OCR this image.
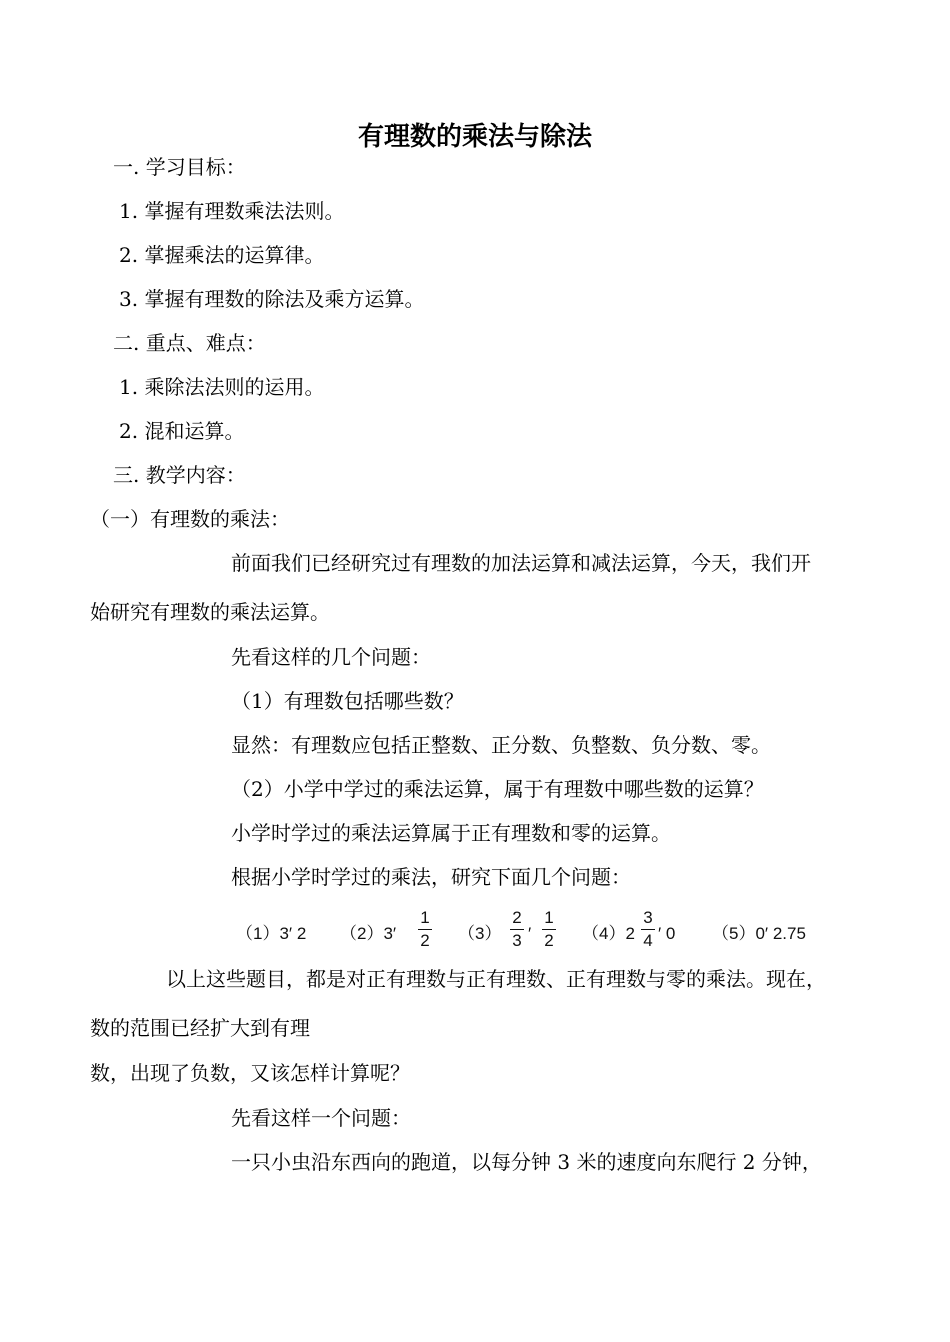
有理数的乘法与除法
一. 学习目标：
1. 掌握有理数乘法法则。
2. 掌握乘法的运算律。
3. 掌握有理数的除法及乘方运算。
二. 重点、难点：
1. 乘除法法则的运用。
2. 混和运算。
三. 教学内容：
（一）有理数的乘法：
前面我们已经研究过有理数的加法运算和减法运算，今天，我们开
始研究有理数的乘法运算。
先看这样的几个问题：
（1）有理数包括哪些数？
显然：有理数应包括正整数、正分数、负整数、负分数、零。
（2）小学中学过的乘法运算，属于有理数中哪些数的运算？
小学时学过的乘法运算属于正有理数和零的运算。
根据小学时学过的乘法，研究下面几个问题：
（1）3′ 2 （2）3′
1
2 （3）
2
3 ′
1
2 （4）2
3
4 ′ 0 （5）0′ 2.75
以上这些题目，都是对正有理数与正有理数、正有理数与零的乘法。现在，
数的范围已经扩大到有理
数，出现了负数，又该怎样计算呢？
先看这样一个问题：
一只小虫沿东西向的跑道，以每分钟 3 米的速度向东爬行 2 分钟，
